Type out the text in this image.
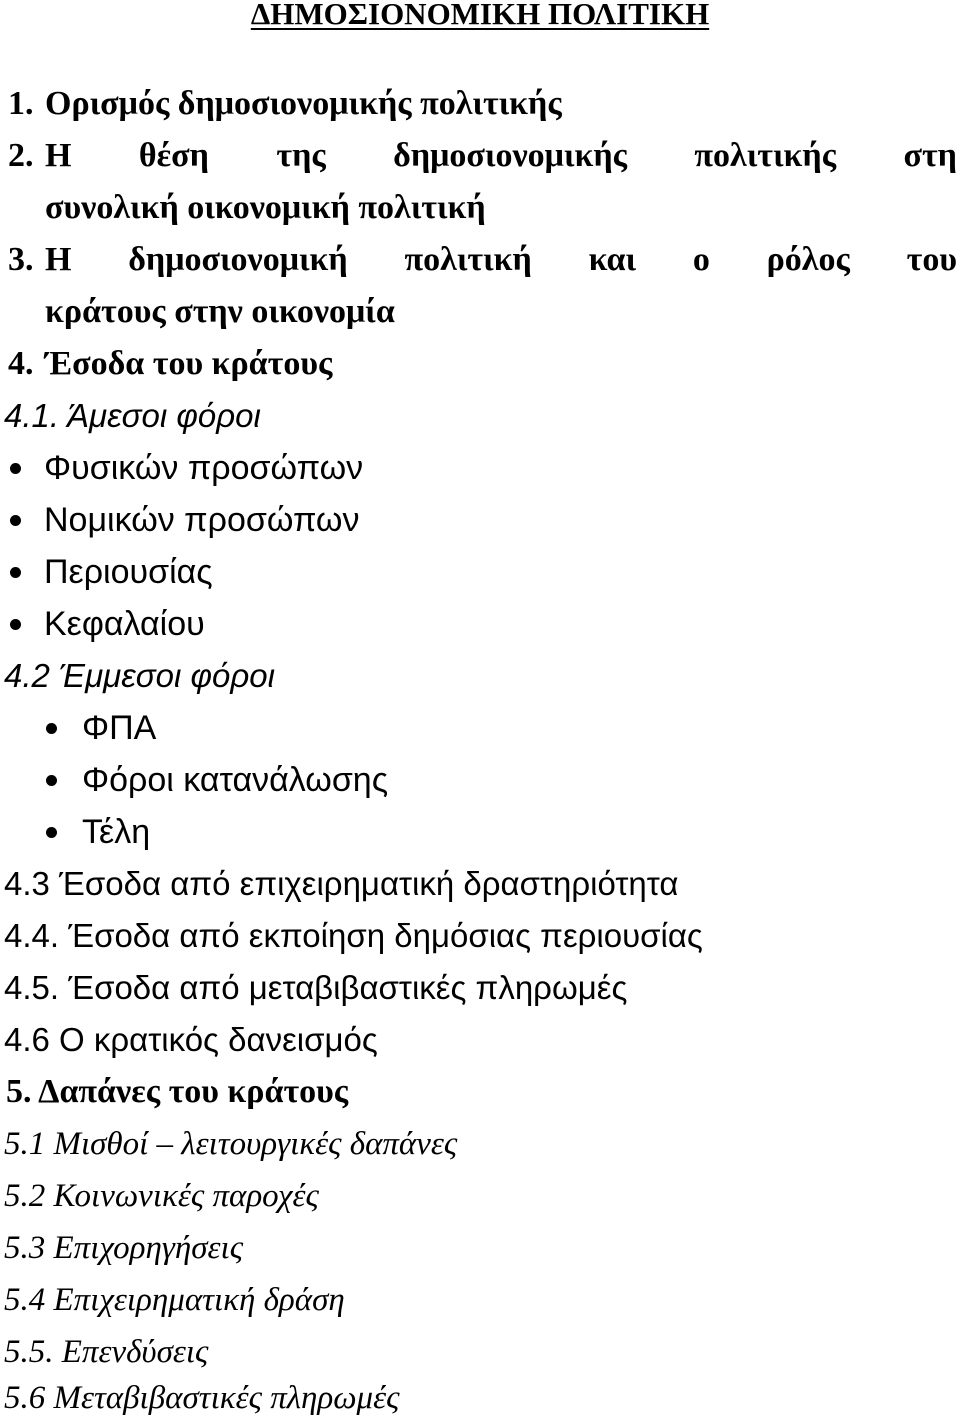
ΔΗΜΟΣΙΟΝΟΜΙΚΗ ΠΟΛΙΤΙΚΗ
1. Ορισμός δημοσιονομικής πολιτικής
2. Η θέση της δημοσιονομικής πολιτικής στη
συνολική οικονομική πολιτική
3. Η δημοσιονομική πολιτική και ο ρόλος του
κράτους στην οικονομία
4. Έσοδα του κράτους
4.1. Άμεσοι φόροι
Φυσικών προσώπων
Νομικών προσώπων
Περιουσίας
Κεφαλαίου
4.2 Έμμεσοι φόροι
ΦΠΑ
Φόροι κατανάλωσης
Τέλη
4.3 Έσοδα από επιχειρηματική δραστηριότητα
4.4. Έσοδα από εκποίηση δημόσιας περιουσίας
4.5. Έσοδα από μεταβιβαστικές πληρωμές
4.6 Ο κρατικός δανεισμός
5. Δαπάνες του κράτους
5.1 Μισθοί – λειτουργικές δαπάνες
5.2 Κοινωνικές παροχές
5.3 Επιχορηγήσεις
5.4 Επιχειρηματική δράση
5.5. Επενδύσεις
5.6 Μεταβιβαστικές πληρωμές
